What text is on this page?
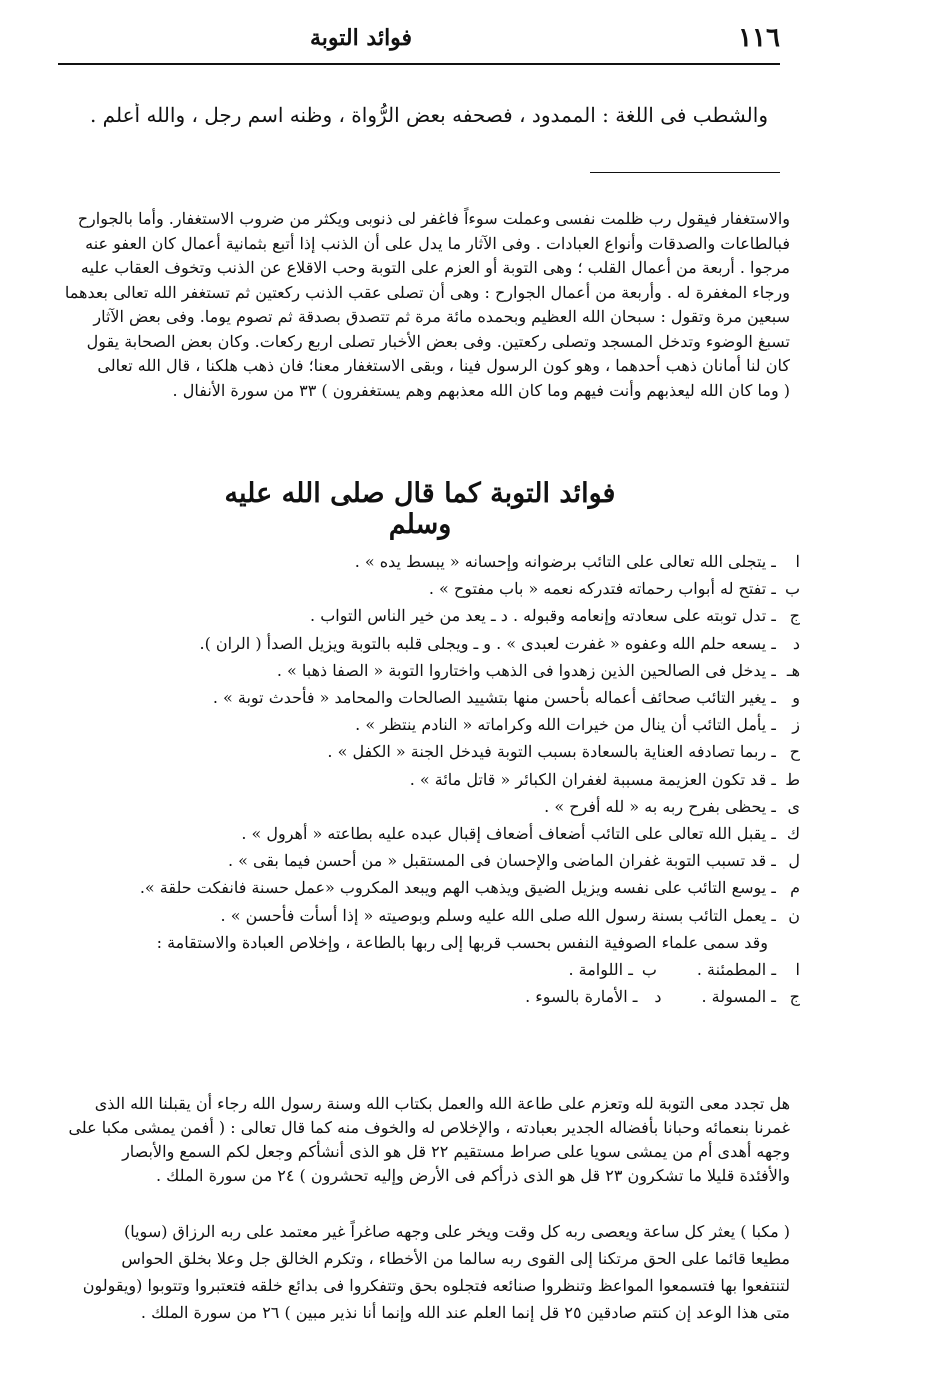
١١٦
فوائد التوبة
والشطب فى اللغة : الممدود ، فصحفه بعض الرُّواة ، وظنه اسم رجل ، والله أعلم .
والاستغفار فيقول رب ظلمت نفسى وعملت سوءاً فاغفر لى ذنوبى ويكثر من ضروب الاستغفار. وأما بالجوارح
فبالطاعات والصدقات وأنواع العبادات . وفى الآثار ما يدل على أن الذنب إذا أتبع بثمانية أعمال كان العفو عنه
مرجوا . أربعة من أعمال القلب ؛ وهى التوبة أو العزم على التوبة وحب الاقلاع عن الذنب وتخوف العقاب عليه
ورجاء المغفرة له . وأربعة من أعمال الجوارح : وهى أن تصلى عقب الذنب ركعتين ثم تستغفر الله تعالى بعدهما
سبعين مرة وتقول : سبحان الله العظيم وبحمده مائة مرة ثم تتصدق بصدقة ثم تصوم يوما. وفى بعض الآثار
تسبغ الوضوء وتدخل المسجد وتصلى ركعتين. وفى بعض الأخبار تصلى اربع ركعات. وكان بعض الصحابة يقول
كان لنا أمانان ذهب أحدهما ، وهو كون الرسول فينا ، وبقى الاستغفار معنا؛ فان ذهب هلكنا ، قال الله تعالى
( وما كان الله ليعذبهم وأنت فيهم وما كان الله معذبهم وهم يستغفرون ) ٣٣ من سورة الأنفال .
فوائد التوبة كما قال صلى الله عليه وسلم
ا
ـ يتجلى الله تعالى على التائب برضوانه وإحسانه « يبسط يده » .
ب
ـ تفتح له أبواب رحماته فتدركه نعمه « باب مفتوح » .
ج
ـ تدل توبته على سعادته وإنعامه وقبوله . د ـ يعد من خير الناس التواب .
د
ـ يسعه حلم الله وعفوه « غفرت لعبدى » . و ـ ويجلى قلبه بالتوبة ويزيل الصدأ ( الران ).
هـ
ـ يدخل فى الصالحين الذين زهدوا فى الذهب واختاروا التوبة « الصفا ذهبا » .
و
ـ يغير التائب صحائف أعماله بأحسن منها بتشييد الصالحات والمحامد « فأحدث توبة » .
ز
ـ يأمل التائب أن ينال من خيرات الله وكراماته « النادم ينتظر » .
ح
ـ ربما تصادفه العناية بالسعادة بسبب التوبة فيدخل الجنة « الكفل » .
ط
ـ قد تكون العزيمة مسببة لغفران الكبائر « قاتل مائة » .
ى
ـ يحظى بفرح ربه به « لله أفرح » .
ك
ـ يقبل الله تعالى على التائب أضعاف أضعاف إقبال عبده عليه بطاعته « أهرول » .
ل
ـ قد تسبب التوبة غفران الماضى والإحسان فى المستقبل « من أحسن فيما بقى » .
م
ـ يوسع التائب على نفسه ويزيل الضيق ويذهب الهم ويبعد المكروب «عمل حسنة فانفكت حلقة ».
ن
ـ يعمل التائب بسنة رسول الله صلى الله عليه وسلم وبوصيته « إذا أسأت فأحسن » .
وقد سمى علماء الصوفية النفس بحسب قربها إلى ربها بالطاعة ، وإخلاص العبادة والاستقامة :
ا
ـ المطمئنة .
ب
ـ اللوامة .
ج
ـ المسولة .
د
ـ الأمارة بالسوء .
هل تجدد معى التوبة لله وتعزم على طاعة الله والعمل بكتاب الله وسنة رسول الله رجاء أن يقبلنا الله الذى
غمرنا بنعمائه وحبانا بأفضاله الجدير بعبادته ، والإخلاص له والخوف منه كما قال تعالى : ( أفمن يمشى مكبا على
وجهه أهدى أم من يمشى سويا على صراط مستقيم ٢٢ قل هو الذى أنشأكم وجعل لكم السمع والأبصار
والأفئدة قليلا ما تشكرون ٢٣ قل هو الذى ذرأكم فى الأرض وإليه تحشرون ) ٢٤ من سورة الملك .
( مكبا ) يعثر كل ساعة ويعصى ربه كل وقت ويخر على وجهه صاغراً غير معتمد على ربه الرزاق (سويا)
مطيعا قائما على الحق مرتكنا إلى القوى ربه سالما من الأخطاء ، وتكرم الخالق جل وعلا بخلق الحواس
لتنتفعوا بها فتسمعوا المواعظ وتنظروا صنائعه فتجلوه بحق وتتفكروا فى بدائع خلقه فتعتبروا وتتوبوا (ويقولون
متى هذا الوعد إن كنتم صادقين ٢٥ قل إنما العلم عند الله وإنما أنا نذير مبين ) ٢٦ من سورة الملك .
